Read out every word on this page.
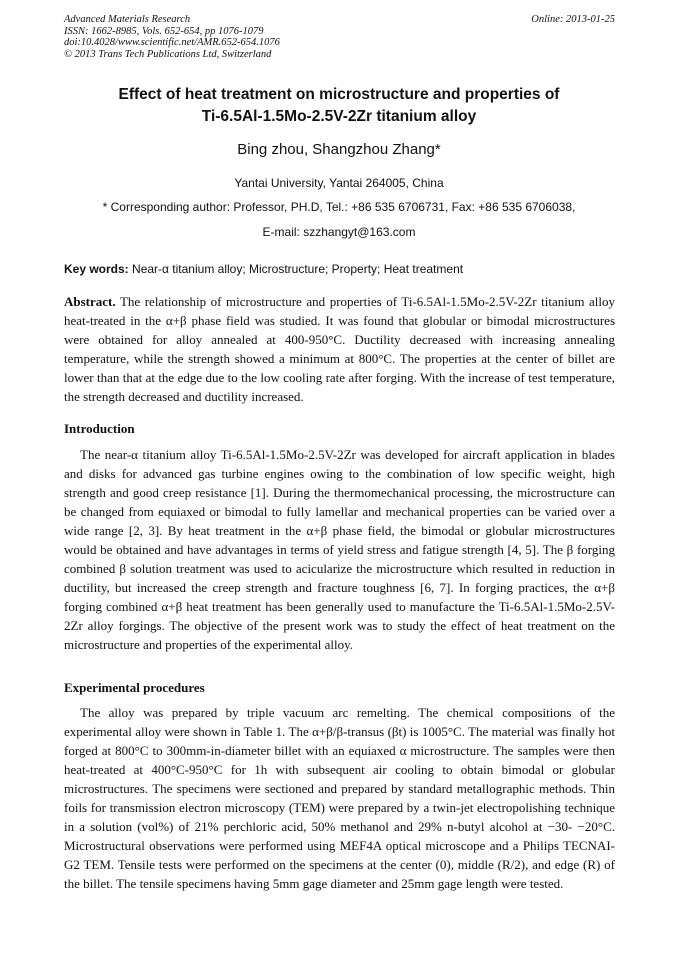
Advanced Materials Research
ISSN: 1662-8985, Vols. 652-654, pp 1076-1079
doi:10.4028/www.scientific.net/AMR.652-654.1076
© 2013 Trans Tech Publications Ltd, Switzerland
Online: 2013-01-25
Effect of heat treatment on microstructure and properties of
Ti-6.5Al-1.5Mo-2.5V-2Zr titanium alloy
Bing zhou, Shangzhou Zhang*
Yantai University, Yantai 264005, China
* Corresponding author: Professor, PH.D, Tel.: +86 535 6706731, Fax: +86 535 6706038,
E-mail: szzhangyt@163.com
Key words: Near-α titanium alloy; Microstructure; Property; Heat treatment

Abstract. The relationship of microstructure and properties of Ti-6.5Al-1.5Mo-2.5V-2Zr titanium alloy heat-treated in the α+β phase field was studied. It was found that globular or bimodal microstructures were obtained for alloy annealed at 400-950°C. Ductility decreased with increasing annealing temperature, while the strength showed a minimum at 800°C. The properties at the center of billet are lower than that at the edge due to the low cooling rate after forging. With the increase of test temperature, the strength decreased and ductility increased.

Introduction

The near-α titanium alloy Ti-6.5Al-1.5Mo-2.5V-2Zr was developed for aircraft application in blades and disks for advanced gas turbine engines owing to the combination of low specific weight, high strength and good creep resistance [1]. During the thermomechanical processing, the microstructure can be changed from equiaxed or bimodal to fully lamellar and mechanical properties can be varied over a wide range [2, 3]. By heat treatment in the α+β phase field, the bimodal or globular microstructures would be obtained and have advantages in terms of yield stress and fatigue strength [4, 5]. The β forging combined β solution treatment was used to acicularize the microstructure which resulted in reduction in ductility, but increased the creep strength and fracture toughness [6, 7]. In forging practices, the α+β forging combined α+β heat treatment has been generally used to manufacture the Ti-6.5Al-1.5Mo-2.5V-2Zr alloy forgings. The objective of the present work was to study the effect of heat treatment on the microstructure and properties of the experimental alloy.

Experimental procedures

The alloy was prepared by triple vacuum arc remelting. The chemical compositions of the experimental alloy were shown in Table 1. The α+β/β-transus (βt) is 1005°C. The material was finally hot forged at 800°C to 300mm-in-diameter billet with an equiaxed α microstructure. The samples were then heat-treated at 400°C-950°C for 1h with subsequent air cooling to obtain bimodal or globular microstructures. The specimens were sectioned and prepared by standard metallographic methods. Thin foils for transmission electron microscopy (TEM) were prepared by a twin-jet electropolishing technique in a solution (vol%) of 21% perchloric acid, 50% methanol and 29% n-butyl alcohol at −30- −20°C. Microstructural observations were performed using MEF4A optical microscope and a Philips TECNAI-G2 TEM. Tensile tests were performed on the specimens at the center (0), middle (R/2), and edge (R) of the billet. The tensile specimens having 5mm gage diameter and 25mm gage length were tested.
